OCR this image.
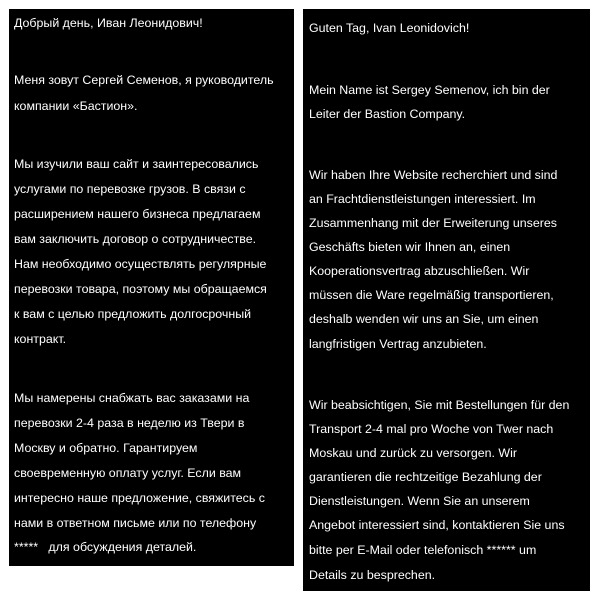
Добрый день, Иван Леонидович!
Меня зовут Сергей Семенов, я руководитель
компании «Бастион».
Мы изучили ваш сайт и заинтересовались
услугами по перевозке грузов. В связи с
расширением нашего бизнеса предлагаем
вам заключить договор о сотрудничестве.
Нам необходимо осуществлять регулярные
перевозки товара, поэтому мы обращаемся
к вам с целью предложить долгосрочный
контракт.
Мы намерены снабжать вас заказами на
перевозки 2-4 раза в неделю из Твери в
Москву и обратно. Гарантируем
своевременную оплату услуг. Если вам
интересно наше предложение, свяжитесь с
нами в ответном письме или по телефону
*****   для обсуждения деталей.
Guten Tag, Ivan Leonidovich!
Mein Name ist Sergey Semenov, ich bin der
Leiter der Bastion Company.
Wir haben Ihre Website recherchiert und sind
an Frachtdienstleistungen interessiert. Im
Zusammenhang mit der Erweiterung unseres
Geschäfts bieten wir Ihnen an, einen
Kooperationsvertrag abzuschließen. Wir
müssen die Ware regelmäßig transportieren,
deshalb wenden wir uns an Sie, um einen
langfristigen Vertrag anzubieten.
Wir beabsichtigen, Sie mit Bestellungen für den
Transport 2-4 mal pro Woche von Twer nach
Moskau und zurück zu versorgen. Wir
garantieren die rechtzeitige Bezahlung der
Dienstleistungen. Wenn Sie an unserem
Angebot interessiert sind, kontaktieren Sie uns
bitte per E-Mail oder telefonisch ****** um
Details zu besprechen.
